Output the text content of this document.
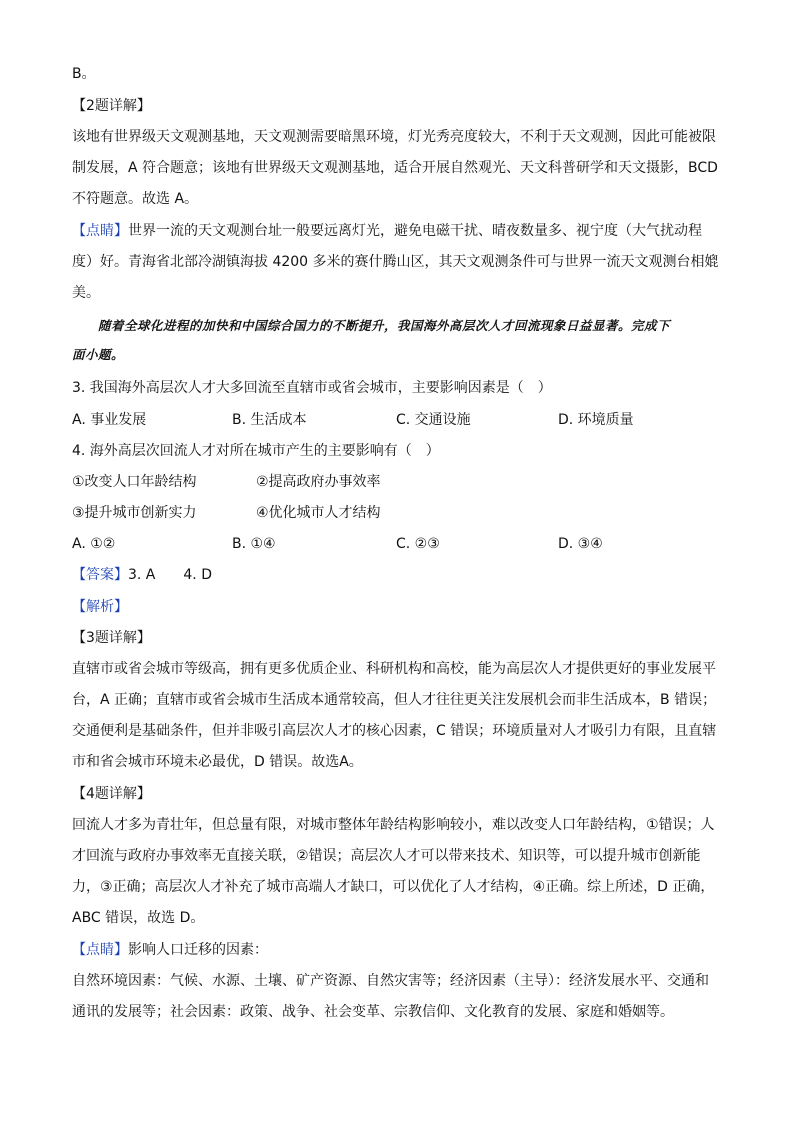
B。
【2题详解】
该地有世界级天文观测基地，天文观测需要暗黑环境，灯光秀亮度较大，不利于天文观测，因此可能被限
制发展，A 符合题意；该地有世界级天文观测基地，适合开展自然观光、天文科普研学和天文摄影，BCD
不符题意。故选 A。
【点睛】世界一流的天文观测台址一般要远离灯光，避免电磁干扰、晴夜数量多、视宁度（大气扰动程
度）好。青海省北部冷湖镇海拔 4200 多米的赛什腾山区，其天文观测条件可与世界一流天文观测台相媲
美。
随着全球化进程的加快和中国综合国力的不断提升，我国海外高层次人才回流现象日益显著。完成下
面小题。
3. 我国海外高层次人才大多回流至直辖市或省会城市，主要影响因素是（　）
A. 事业发展	B. 生活成本	C. 交通设施	D. 环境质量
4. 海外高层次回流人才对所在城市产生的主要影响有（　）
①改变人口年龄结构	②提高政府办事效率
③提升城市创新实力	④优化城市人才结构
A. ①②	B. ①④	C. ②③	D. ③④
【答案】3. A　　4. D
【解析】
【3题详解】
直辖市或省会城市等级高，拥有更多优质企业、科研机构和高校，能为高层次人才提供更好的事业发展平
台，A 正确；直辖市或省会城市生活成本通常较高，但人才往往更关注发展机会而非生活成本，B 错误；
交通便利是基础条件，但并非吸引高层次人才的核心因素，C 错误；环境质量对人才吸引力有限，且直辖
市和省会城市环境未必最优，D 错误。故选A。
【4题详解】
回流人才多为青壮年，但总量有限，对城市整体年龄结构影响较小，难以改变人口年龄结构，①错误；人
才回流与政府办事效率无直接关联，②错误；高层次人才可以带来技术、知识等，可以提升城市创新能
力，③正确；高层次人才补充了城市高端人才缺口，可以优化了人才结构，④正确。综上所述，D 正确，
ABC 错误，故选 D。
【点睛】影响人口迁移的因素：
自然环境因素：气候、水源、土壤、矿产资源、自然灾害等；经济因素（主导）：经济发展水平、交通和
通讯的发展等；社会因素：政策、战争、社会变革、宗教信仰、文化教育的发展、家庭和婚姻等。
